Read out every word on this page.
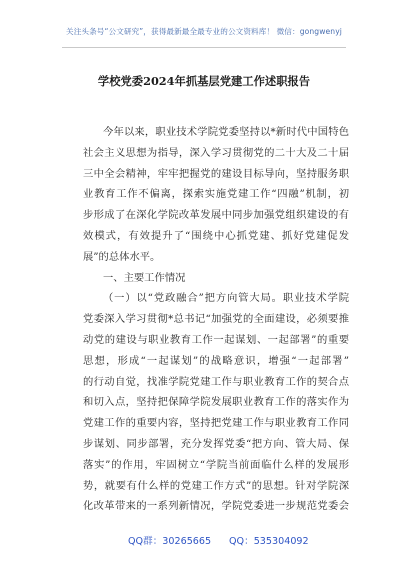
关注头条号“公文研究”，获得最新最全最专业的公文资料库！ 微信：gongwenyj
学校党委2024年抓基层党建工作述职报告
今年以来，职业技术学院党委坚持以*新时代中国特色
社会主义思想为指导，深入学习贯彻党的二十大及二十届
三中全会精神，牢牢把握党的建设目标导向，坚持服务职
业教育工作不偏离，探索实施党建工作“四融”机制，初
步形成了在深化学院改革发展中同步加强党组织建设的有
效模式，有效提升了“围绕中心抓党建、抓好党建促发
展”的总体水平。
一、主要工作情况
（一）以“党政融合”把方向管大局。职业技术学院
党委深入学习贯彻*总书记“加强党的全面建设，必须要推
动党的建设与职业教育工作一起谋划、一起部署”的重要
思想，形成“一起谋划”的战略意识，增强“一起部署”
的行动自觉，找准学院党建工作与职业教育工作的契合点
和切入点，坚持把保障学院发展职业教育工作的落实作为
党建工作的重要内容，坚持把党建工作与职业教育工作同
步谋划、同步部署，充分发挥党委“把方向、管大局、保
落实”的作用，牢固树立“学院当前面临什么样的发展形
势，就要有什么样的党建工作方式”的思想。针对学院深
化改革带来的一系列新情况，学院党委进一步规范党委会
QQ群：30265665 QQ：535304092
